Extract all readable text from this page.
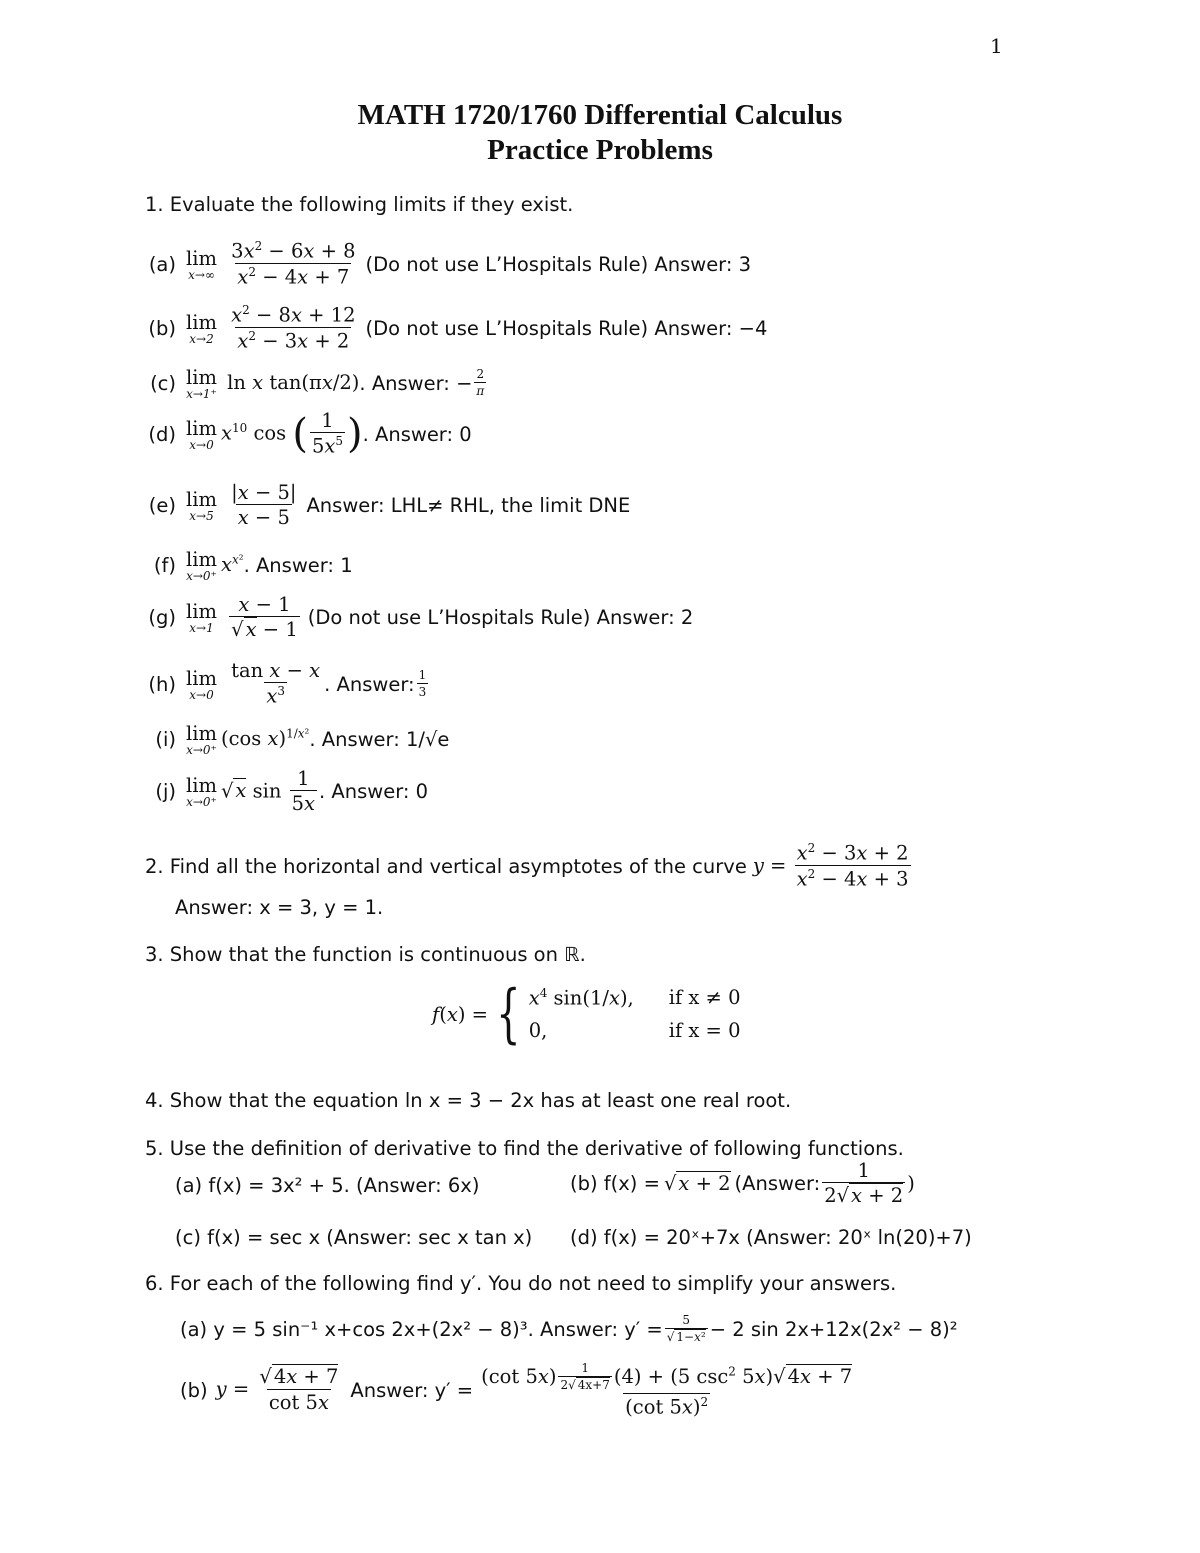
1
MATH 1720/1760 Differential Calculus
Practice Problems
1. Evaluate the following limits if they exist.
(a) lim
x→∞
$\frac{3x^2 - 6x + 8}{x^2 - 4x + 7} (Do$ not use L’Hospitals Rule) Answer: 3
(b) lim
x→2
$\frac{x^2 - 8x + 12}{x^2 - 3x + 2} (Do$ not use L’Hospitals Rule) Answer: −4
(c) lim
x→1⁺ ln x tan(πx/2) . Answer: − $\frac{2}{\pi}$
(d) lim
x→0 $x^{10}$ cos ( $\frac{1}{5x^5}$ ) . Answer: 0
(e) lim
x→5
$\frac{|x - 5|}{x - 5}$ Answer: LHL≠ RHL, the limit DNE
(f) lim
x→0⁺ $x^{x^2}$ . Answer: 1
(g) lim
x→1
$\frac{x - 1}{√ x - 1} (Do$ not use L’Hospitals Rule) Answer: 2
(h) lim
x→0
$\frac{\text{tan x − x}}{x^3}$ . Answer: $\frac{1}{3}$
(i) lim
x→0⁺ (cos x)$^{1/x^2}$ . Answer: 1/√e
(j) lim
x→0⁺ √ x $\sin \frac{1}{5x}$ . Answer: 0
2. Find all the horizontal and vertical asymptotes of the curve $y = \frac{x^2 - 3x + 2}{x^2 - 4x + 3}$
Answer: x = 3, y = 1.
3. Show that the function is continuous on ℝ.
f(x) = { $x^4$ sin(1/x),	if x ≠ 0
0,	if x = 0
4. Show that the equation ln x = 3 − 2x has at least one real root.
5. Use the definition of derivative to find the derivative of following functions.
(a) f(x) = 3x² + 5. (Answer: 6x)	(b) f(x) = √ x + 2 (Answer: $\frac{1}{2√ x + 2}$ )
(c) f(x) = sec x (Answer: sec x tan x) (d) f(x) = 20ˣ+7x (Answer: 20ˣ ln(20)+7)
6. For each of the following find y′. You do not need to simplify your answers.
(a) y = 5 sin⁻¹ x+cos 2x+(2x² − 8)³. Answer: $y' = \frac{5}{\text{√ 1−x²}} - 2$ sin 2x+12x(2x² − 8)²
(b) $y = \frac{√ 4x + 7}{\cot 5x}$ Answer: $y' = \frac{(\cot 5x) \frac{1}{2√ 4x+7} (4) + (5 \csc^2 5x)√ 4x + 7}{(\cot 5x)^2}$
